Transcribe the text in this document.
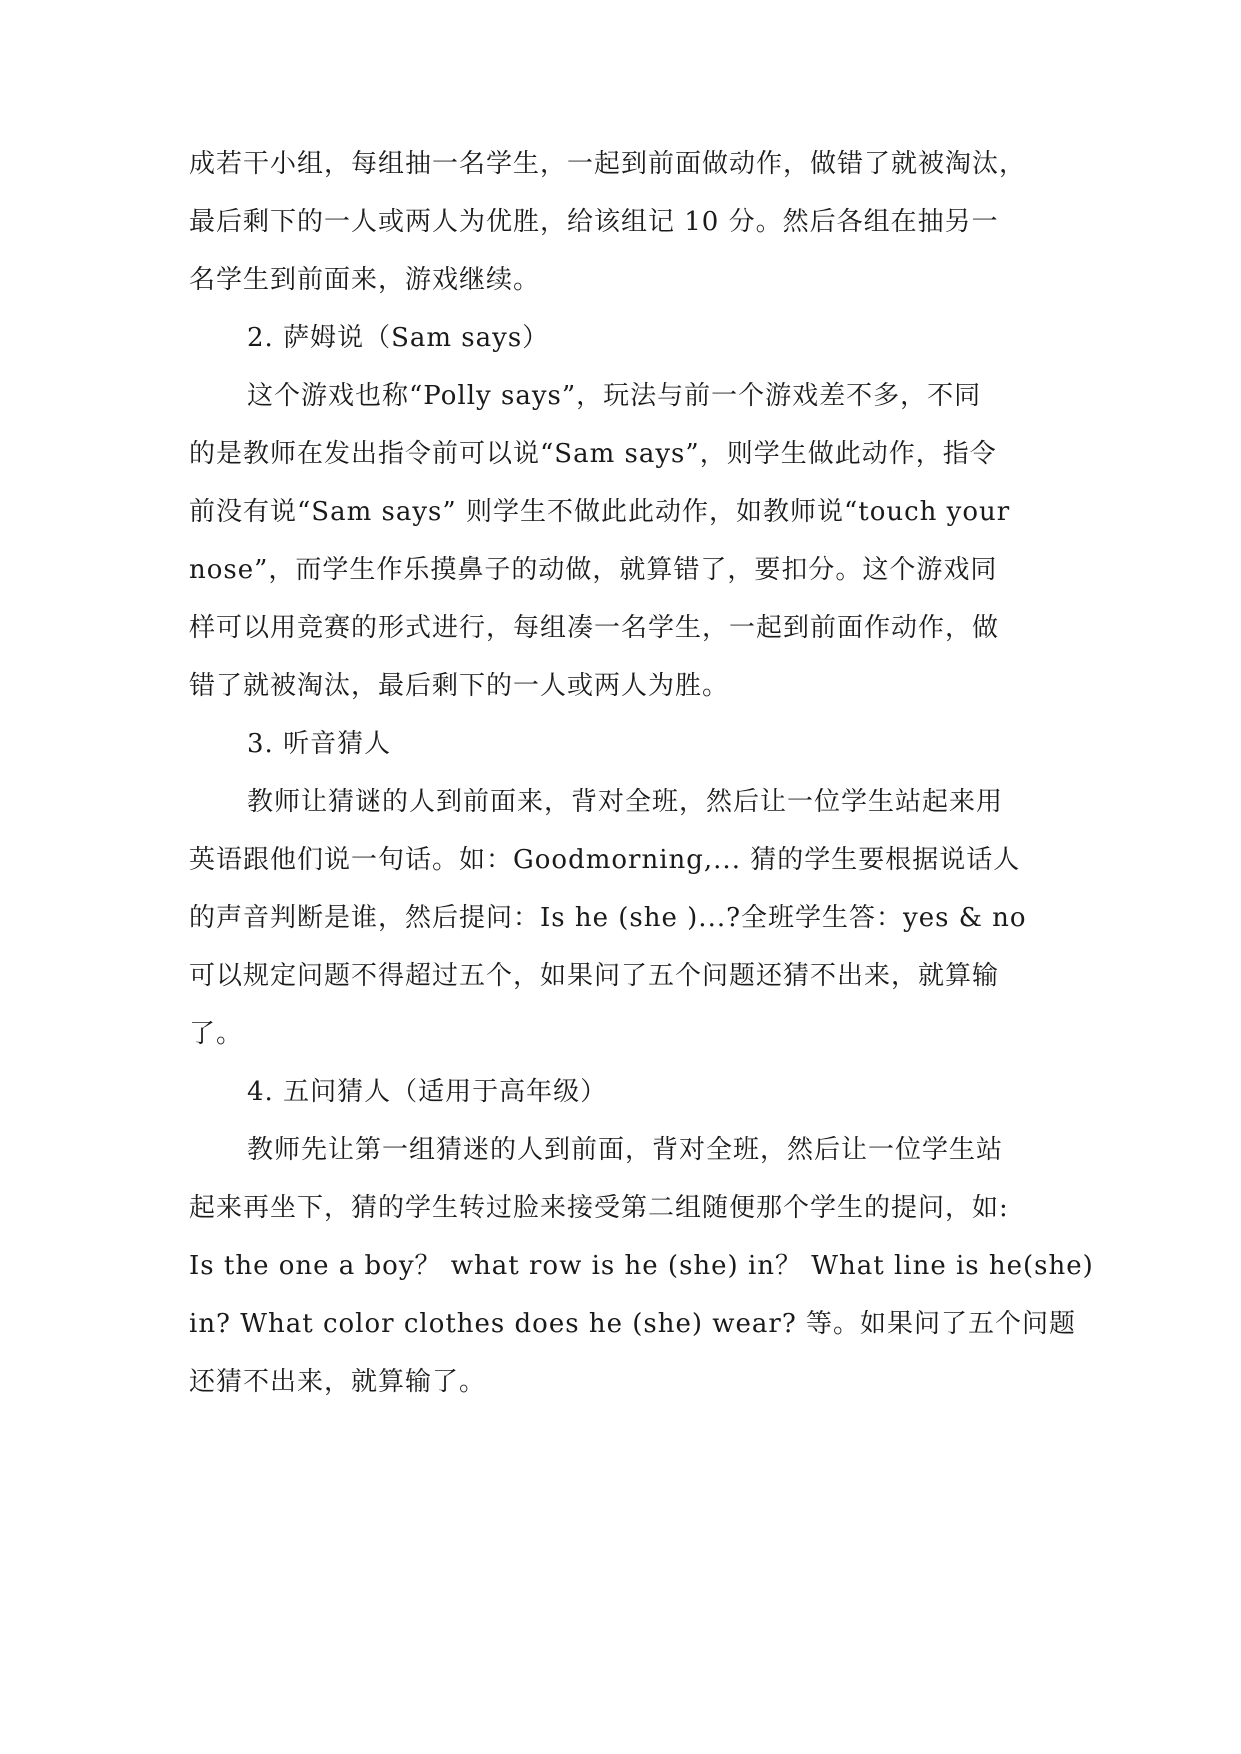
成若干小组，每组抽一名学生，一起到前面做动作，做错了就被淘汰，
最后剩下的一人或两人为优胜，给该组记 10 分。然后各组在抽另一
名学生到前面来，游戏继续。
2. 萨姆说（Sam says）
这个游戏也称“Polly says”，玩法与前一个游戏差不多，不同
的是教师在发出指令前可以说“Sam says”，则学生做此动作，指令
前没有说“Sam says” 则学生不做此此动作，如教师说“touch your
nose”，而学生作乐摸鼻子的动做，就算错了，要扣分。这个游戏同
样可以用竞赛的形式进行，每组凑一名学生，一起到前面作动作，做
错了就被淘汰，最后剩下的一人或两人为胜。
3. 听音猜人
教师让猜谜的人到前面来，背对全班，然后让一位学生站起来用
英语跟他们说一句话。如：Goodmorning,... 猜的学生要根据说话人
的声音判断是谁，然后提问：Is he (she )...?全班学生答：yes & no
可以规定问题不得超过五个，如果问了五个问题还猜不出来，就算输
了。
4. 五问猜人（适用于高年级）
教师先让第一组猜迷的人到前面，背对全班，然后让一位学生站
起来再坐下，猜的学生转过脸来接受第二组随便那个学生的提问，如:
Is the one a boy？ what row is he (she) in？ What line is he(she)
in? What color clothes does he (she) wear? 等。如果问了五个问题
还猜不出来，就算输了。
